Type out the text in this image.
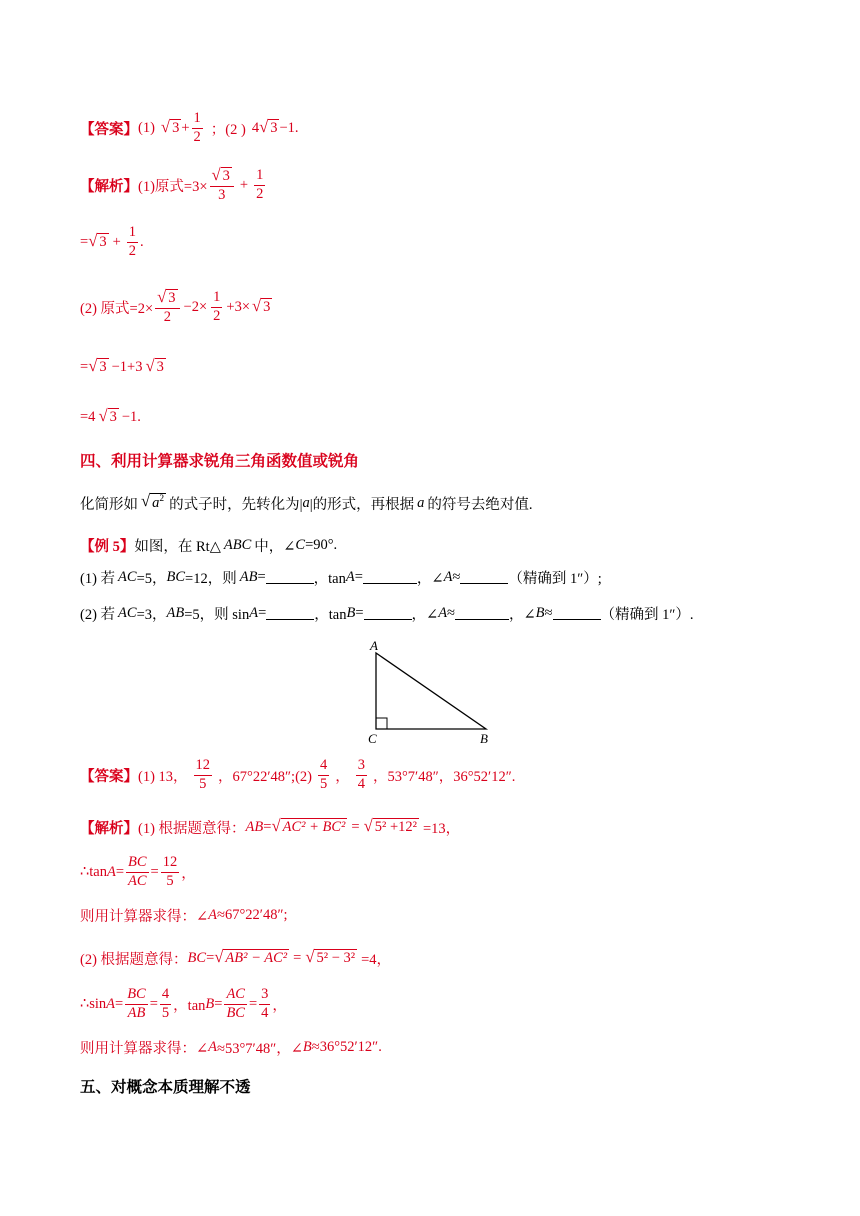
【答案】 (1) √ $3 + \frac{1}{2}$ ；(2 ) 4 √ 3 −1.
【解析】 (1)原式$=3\times \frac{√ 3}{3} + \frac{1}{2}$
= √ $3 + \frac{1}{2}$ .
(2) 原式$=2\times \frac{√ 3}{2} -2\times \frac{1}{2} +3\times$ √ 3
= √ 3 −1+3 √ 3
=4 √ 3 −1.
四、利用计算器求锐角三角函数值或锐角
化简形如 √ $a^2$ 的式子时，先转化为| a |的形式，再根据 a 的符号去绝对值.
【例 5】 如图，在 Rt△ ABC 中，∠ C =90°.
(1) 若 AC =5， BC =12，则 AB =	，tan A =	，∠ A ≈	（精确到 1″）;
(2) 若 AC =3， AB =5，则 sin A =	，tan B =	，∠ A ≈	，∠ B ≈	（精确到 1″）.
A
C	B
【答案】 (1) 13， $\frac{12}{5}$ ，67°22′48″;(2) $\frac{4}{5}$ ， $\frac{3}{4}$ ，53°7′48″，36°52′12″.
【解析】 (1) 根据题意得： AB = √ AC² + BC² = √ 5² +12² =13，
∴tan $A = \frac{BC}{AC} = \frac{12}{5}$ ，
则用计算器求得：∠ A ≈67°22′48″;
(2) 根据题意得： BC = √ AB² − AC² = √ 5² − 3² =4，
∴sin $A = \frac{BC}{AB} = \frac{4}{5}$ ，$\tan B = \frac{AC}{BC} = \frac{3}{4}$ ，
则用计算器求得：∠ A ≈53°7′48″，∠ B ≈36°52′12″.
五、对概念本质理解不透
